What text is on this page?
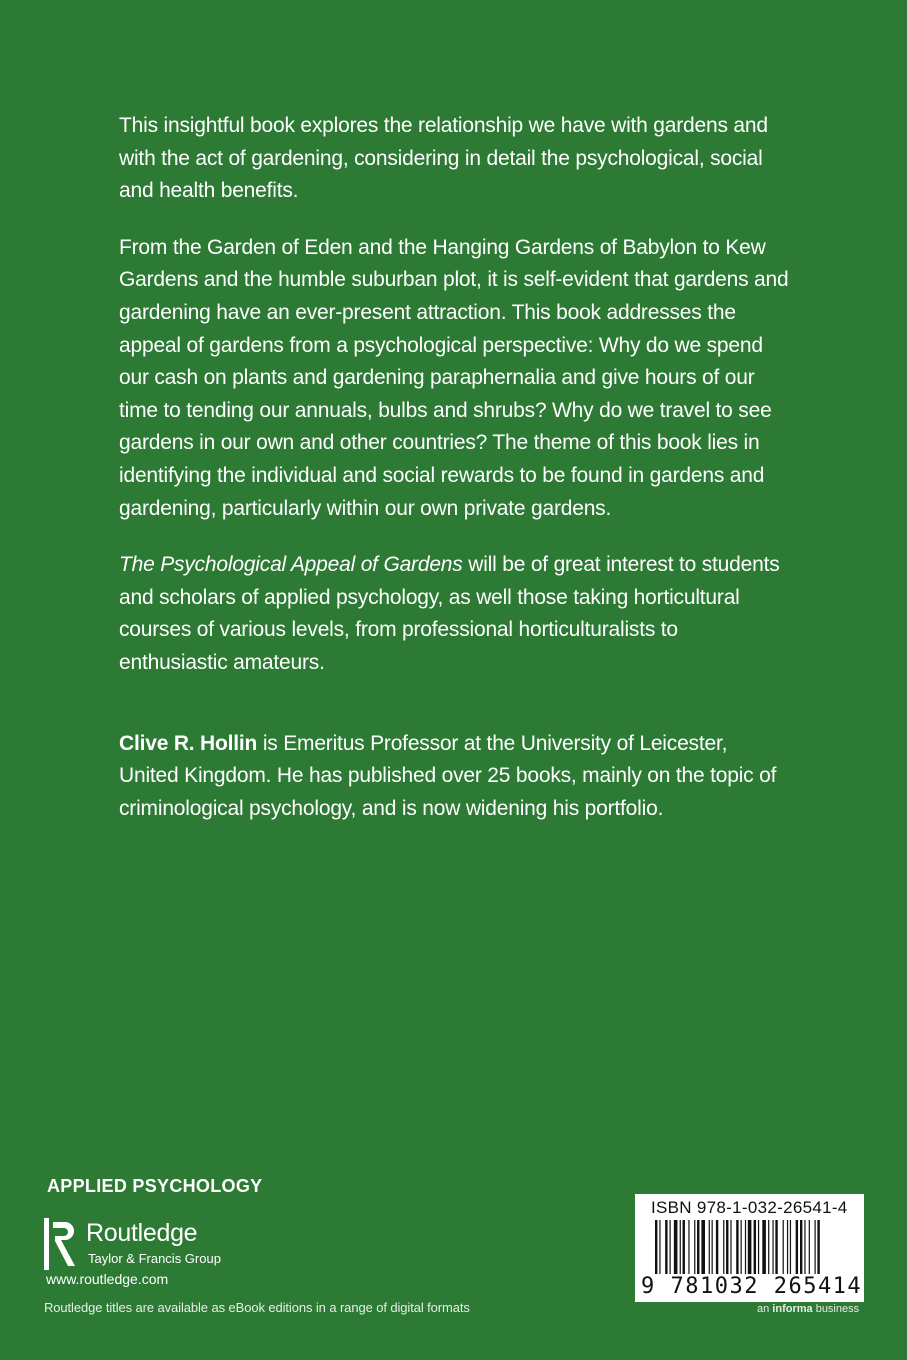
This insightful book explores the relationship we have with gardens and with the act of gardening, considering in detail the psychological, social and health benefits.

From the Garden of Eden and the Hanging Gardens of Babylon to Kew Gardens and the humble suburban plot, it is self-evident that gardens and gardening have an ever-present attraction. This book addresses the appeal of gardens from a psychological perspective: Why do we spend our cash on plants and gardening paraphernalia and give hours of our time to tending our annuals, bulbs and shrubs? Why do we travel to see gardens in our own and other countries? The theme of this book lies in identifying the individual and social rewards to be found in gardens and gardening, particularly within our own private gardens.

The Psychological Appeal of Gardens will be of great interest to students and scholars of applied psychology, as well those taking horticultural courses of various levels, from professional horticulturalists to enthusiastic amateurs.

Clive R. Hollin is Emeritus Professor at the University of Leicester, United Kingdom. He has published over 25 books, mainly on the topic of criminological psychology, and is now widening his portfolio.

APPLIED PSYCHOLOGY
Routledge
Taylor & Francis Group
www.routledge.com
Routledge titles are available as eBook editions in a range of digital formats
ISBN 978-1-032-26541-4
9 781032 265414
an informa business
